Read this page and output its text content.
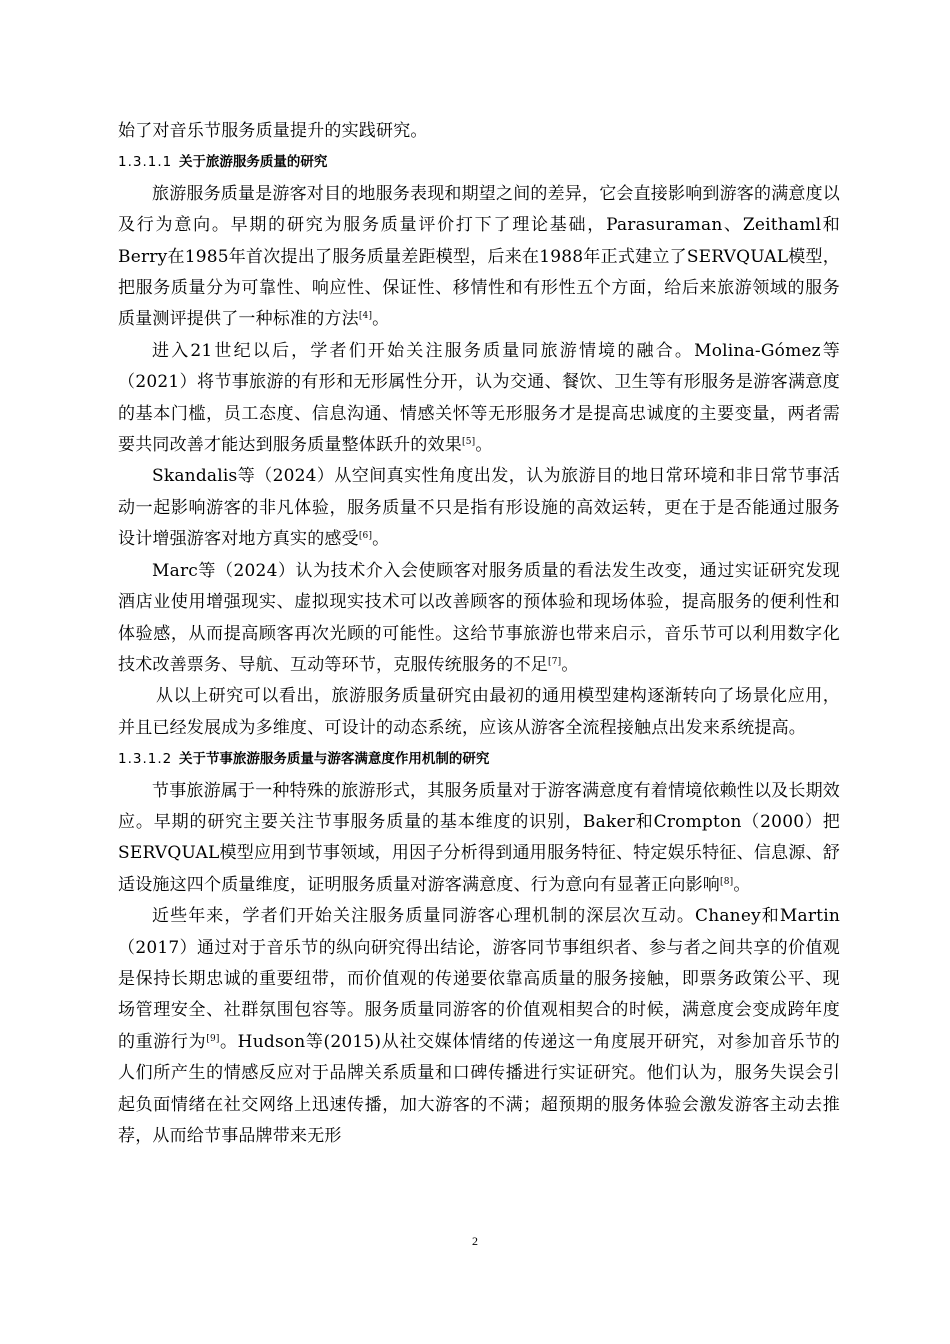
始了对音乐节服务质量提升的实践研究。

1.3.1.1 关于旅游服务质量的研究

旅游服务质量是游客对目的地服务表现和期望之间的差异，它会直接影响到游客的满意度以及行为意向。早期的研究为服务质量评价打下了理论基础，Parasuraman、Zeithaml和Berry在1985年首次提出了服务质量差距模型，后来在1988年正式建立了SERVQUAL模型，把服务质量分为可靠性、响应性、保证性、移情性和有形性五个方面，给后来旅游领域的服务质量测评提供了一种标准的方法[4]。

进入21世纪以后，学者们开始关注服务质量同旅游情境的融合。Molina-Gómez等（2021）将节事旅游的有形和无形属性分开，认为交通、餐饮、卫生等有形服务是游客满意度的基本门槛，员工态度、信息沟通、情感关怀等无形服务才是提高忠诚度的主要变量，两者需要共同改善才能达到服务质量整体跃升的效果[5]。

Skandalis等（2024）从空间真实性角度出发，认为旅游目的地日常环境和非日常节事活动一起影响游客的非凡体验，服务质量不只是指有形设施的高效运转，更在于是否能通过服务设计增强游客对地方真实的感受[6]。

Marc等（2024）认为技术介入会使顾客对服务质量的看法发生改变，通过实证研究发现酒店业使用增强现实、虚拟现实技术可以改善顾客的预体验和现场体验，提高服务的便利性和体验感，从而提高顾客再次光顾的可能性。这给节事旅游也带来启示，音乐节可以利用数字化技术改善票务、导航、互动等环节，克服传统服务的不足[7]。

从以上研究可以看出，旅游服务质量研究由最初的通用模型建构逐渐转向了场景化应用，并且已经发展成为多维度、可设计的动态系统，应该从游客全流程接触点出发来系统提高。

1.3.1.2 关于节事旅游服务质量与游客满意度作用机制的研究

节事旅游属于一种特殊的旅游形式，其服务质量对于游客满意度有着情境依赖性以及长期效应。早期的研究主要关注节事服务质量的基本维度的识别，Baker和Crompton（2000）把SERVQUAL模型应用到节事领域，用因子分析得到通用服务特征、特定娱乐特征、信息源、舒适设施这四个质量维度，证明服务质量对游客满意度、行为意向有显著正向影响[8]。

近些年来，学者们开始关注服务质量同游客心理机制的深层次互动。Chaney和Martin（2017）通过对于音乐节的纵向研究得出结论，游客同节事组织者、参与者之间共享的价值观是保持长期忠诚的重要纽带，而价值观的传递要依靠高质量的服务接触，即票务政策公平、现场管理安全、社群氛围包容等。服务质量同游客的价值观相契合的时候，满意度会变成跨年度的重游行为[9]。Hudson等(2015)从社交媒体情绪的传递这一角度展开研究，对参加音乐节的人们所产生的情感反应对于品牌关系质量和口碑传播进行实证研究。他们认为，服务失误会引起负面情绪在社交网络上迅速传播，加大游客的不满；超预期的服务体验会激发游客主动去推荐，从而给节事品牌带来无形

2
